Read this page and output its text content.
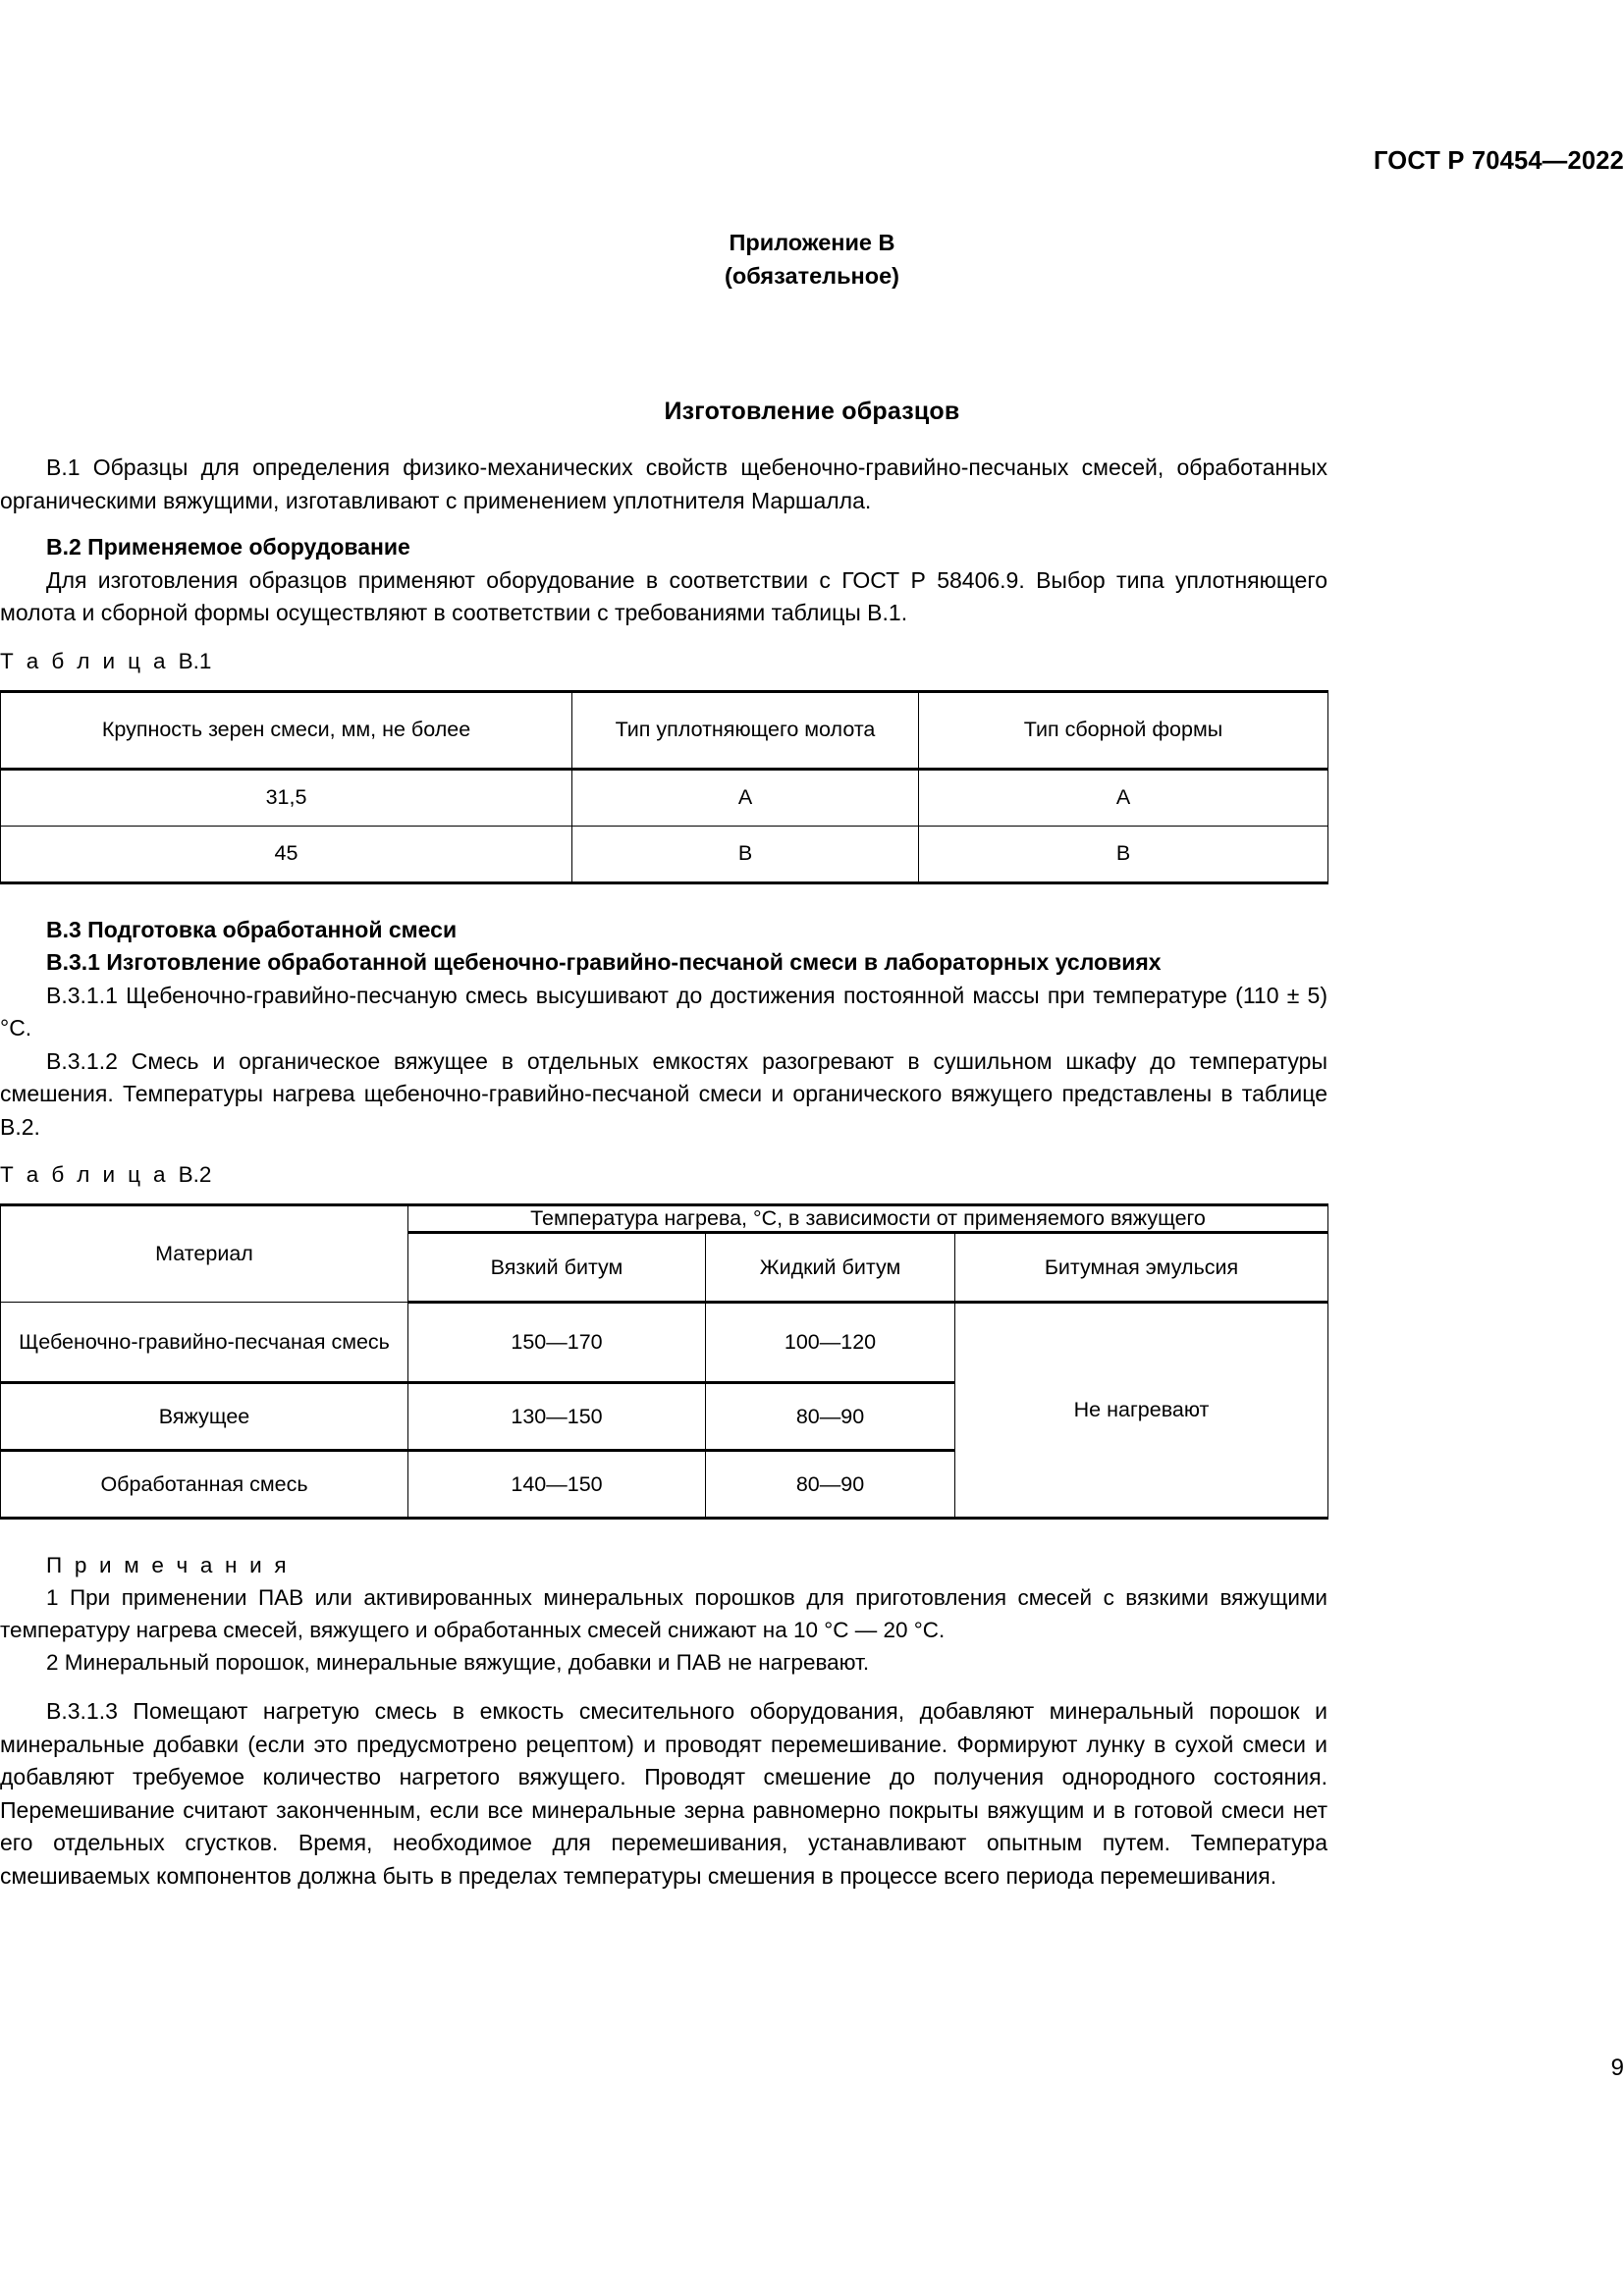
ГОСТ Р 70454—2022
Приложение В
(обязательное)
Изготовление образцов

В.1 Образцы для определения физико-механических свойств щебеночно-гравийно-песчаных смесей, обработанных органическими вяжущими, изготавливают с применением уплотнителя Маршалла.

В.2 Применяемое оборудование

Для изготовления образцов применяют оборудование в соответствии с ГОСТ Р 58406.9. Выбор типа уплотняющего молота и сборной формы осуществляют в соответствии с требованиями таблицы В.1.

Т а б л и ц а В.1

Крупность зерен смеси, мм, не более	Тип уплотняющего молота	Тип сборной формы
31,5	A	A
45	B	B

В.3 Подготовка обработанной смеси

В.3.1 Изготовление обработанной щебеночно-гравийно-песчаной смеси в лабораторных условиях

В.3.1.1 Щебеночно-гравийно-песчаную смесь высушивают до достижения постоянной массы при температуре (110 ± 5) °С.

В.3.1.2 Смесь и органическое вяжущее в отдельных емкостях разогревают в сушильном шкафу до температуры смешения. Температуры нагрева щебеночно-гравийно-песчаной смеси и органического вяжущего представлены в таблице В.2.

Т а б л и ц а В.2

Материал	Температура нагрева, °С, в зависимости от применяемого вяжущего		
	Вязкий битум	Жидкий битум	Битумная эмульсия
Щебеночно-гравийно-песчаная смесь	150—170	100—120	Не нагревают
Вяжущее	130—150	80—90	
Обработанная смесь	140—150	80—90	

П р и м е ч а н и я

1 При применении ПАВ или активированных минеральных порошков для приготовления смесей с вязкими вяжущими температуру нагрева смесей, вяжущего и обработанных смесей снижают на 10 °С — 20 °С.

2 Минеральный порошок, минеральные вяжущие, добавки и ПАВ не нагревают.

В.3.1.3 Помещают нагретую смесь в емкость смесительного оборудования, добавляют минеральный порошок и минеральные добавки (если это предусмотрено рецептом) и проводят перемешивание. Формируют лунку в сухой смеси и добавляют требуемое количество нагретого вяжущего. Проводят смешение до получения однородного состояния. Перемешивание считают законченным, если все минеральные зерна равномерно покрыты вяжущим и в готовой смеси нет его отдельных сгустков. Время, необходимое для перемешивания, устанавливают опытным путем. Температура смешиваемых компонентов должна быть в пределах температуры смешения в процессе всего периода перемешивания.

9
